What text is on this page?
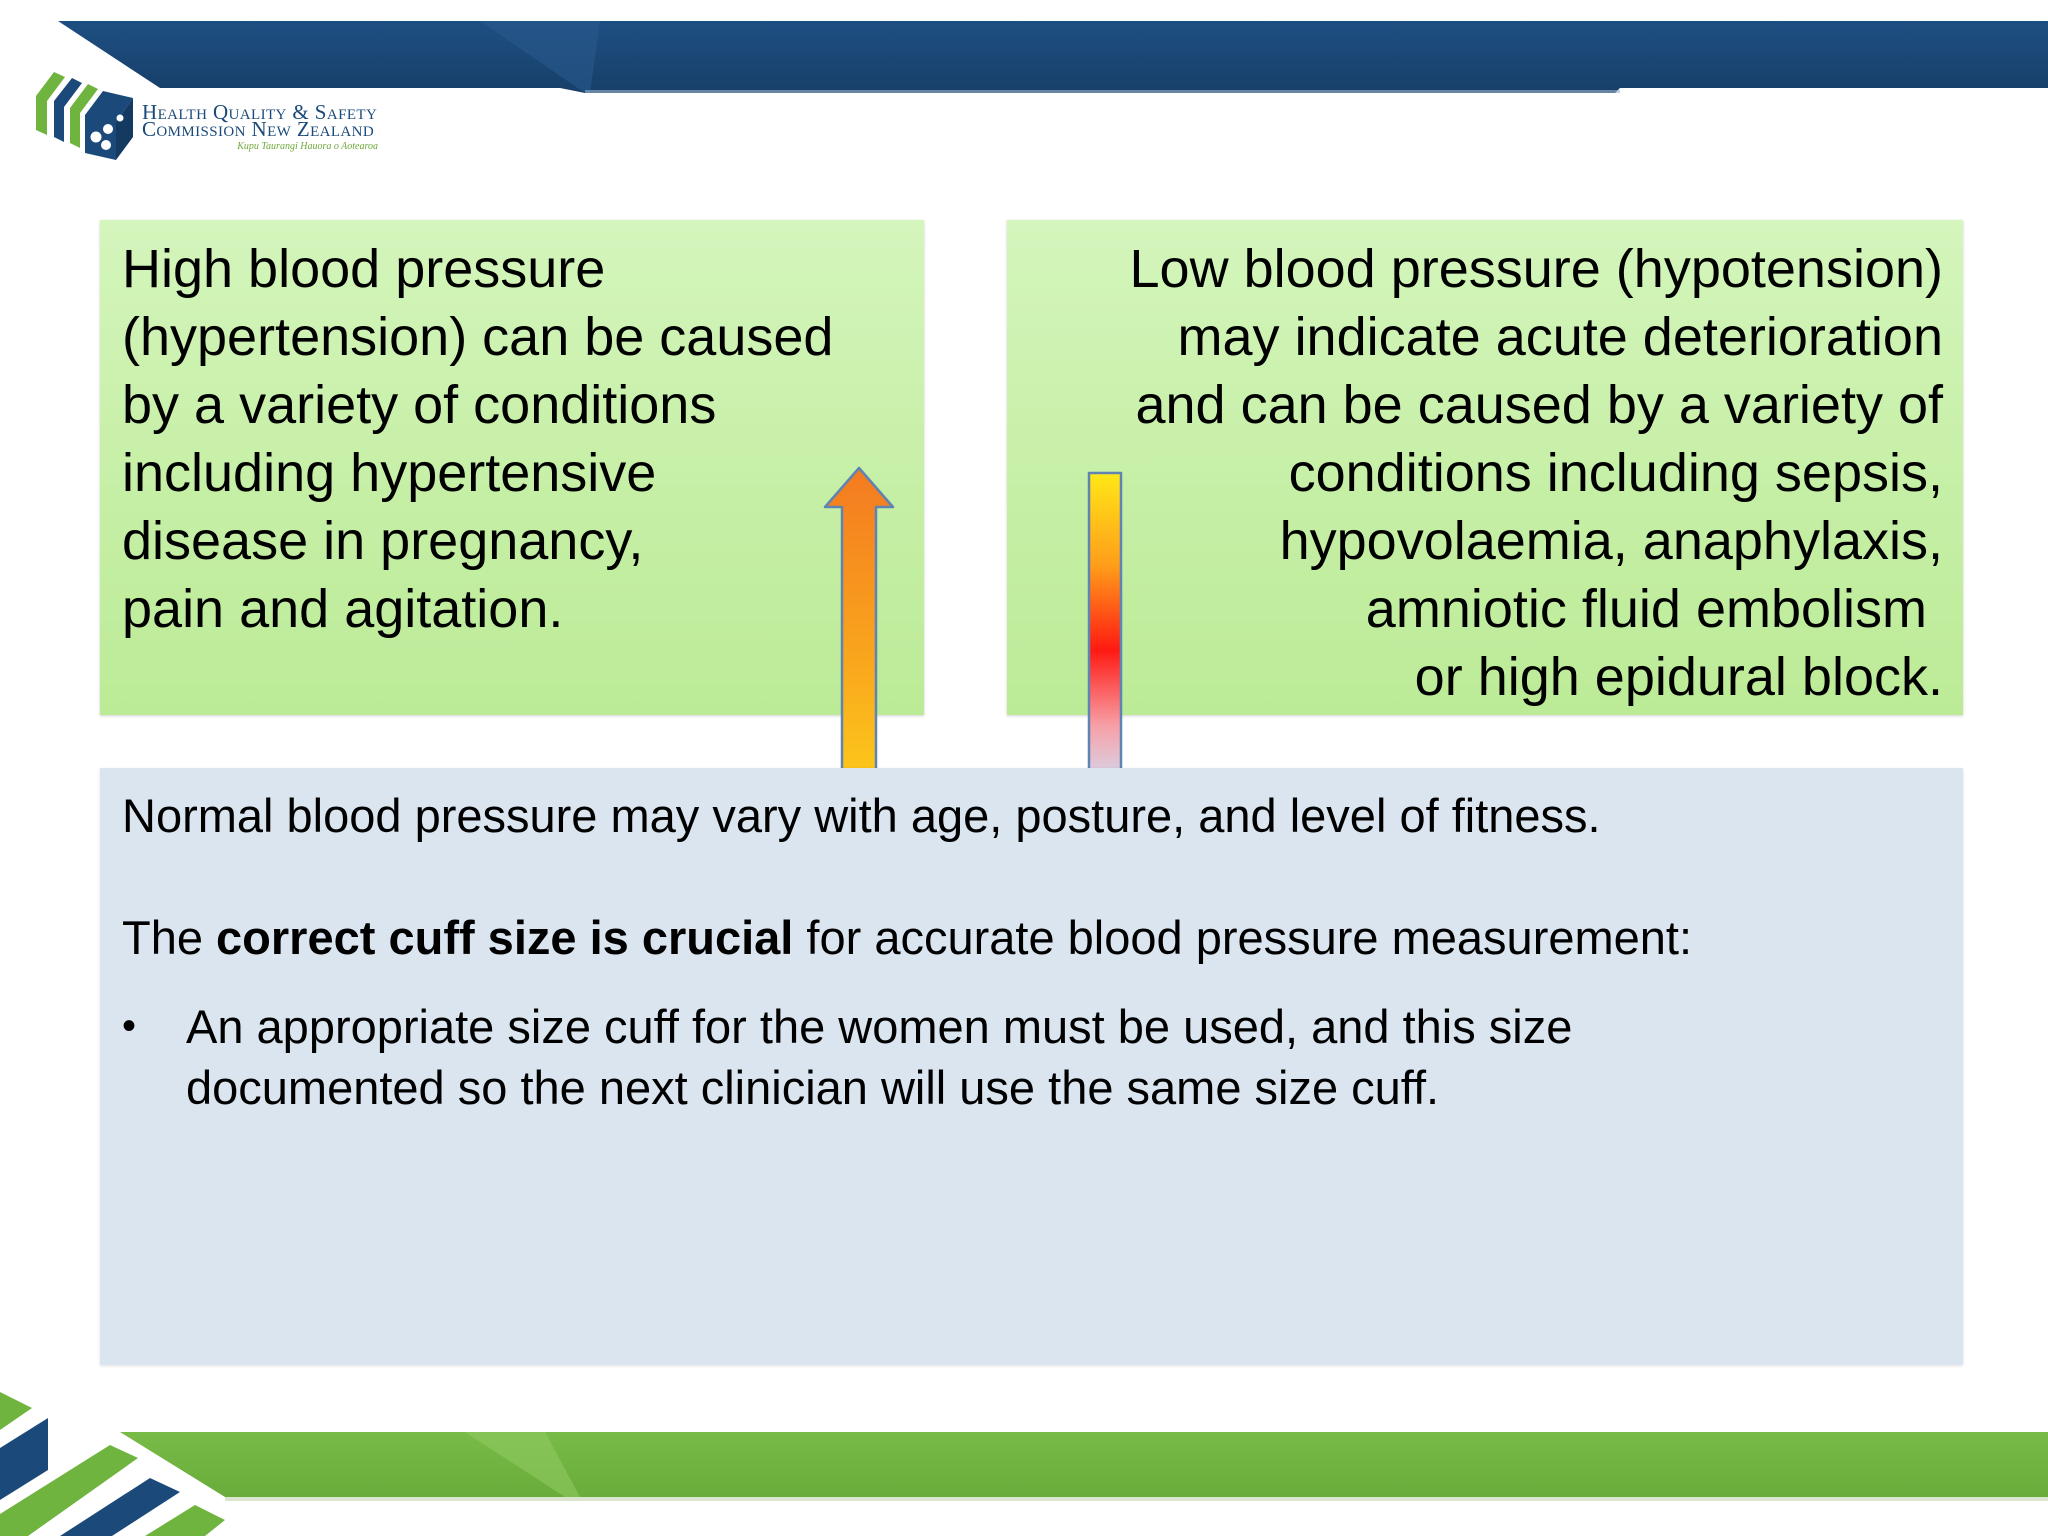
Health Quality & Safety
Commission New Zealand
Kupu Taurangi Hauora o Aotearoa

High blood pressure
(hypertension) can be caused
by a variety of conditions
including hypertensive
disease in pregnancy,
pain and agitation.

Low blood pressure (hypotension)
may indicate acute deterioration
and can be caused by a variety of
conditions including sepsis,
hypovolaemia, anaphylaxis,
amniotic fluid embolism
or high epidural block.

Normal blood pressure may vary with age, posture, and level of fitness.

The correct cuff size is crucial for accurate blood pressure measurement:

• An appropriate size cuff for the women must be used, and this size
documented so the next clinician will use the same size cuff.
